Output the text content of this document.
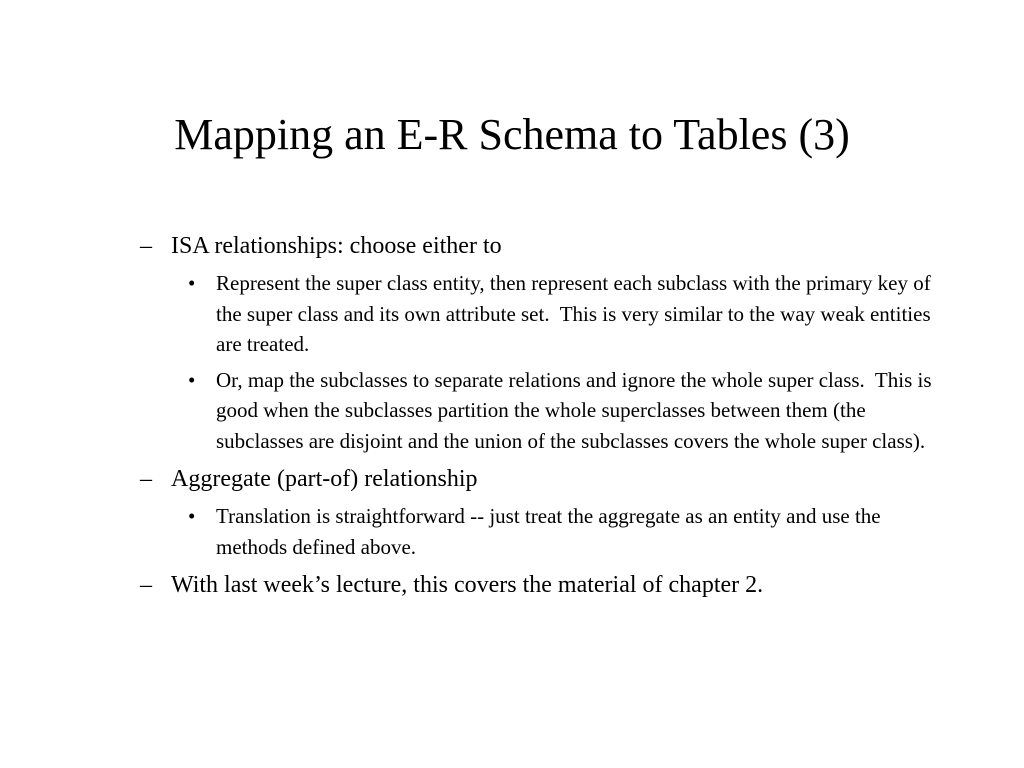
Mapping an E-R Schema to Tables (3)
– ISA relationships: choose either to
• Represent the super class entity, then represent each subclass with the primary key of the super class and its own attribute set.  This is very similar to the way weak entities are treated.
• Or, map the subclasses to separate relations and ignore the whole super class.  This is good when the subclasses partition the whole superclasses between them (the subclasses are disjoint and the union of the subclasses covers the whole super class).
– Aggregate (part-of) relationship
• Translation is straightforward -- just treat the aggregate as an entity and use the methods defined above.
– With last week’s lecture, this covers the material of chapter 2.
